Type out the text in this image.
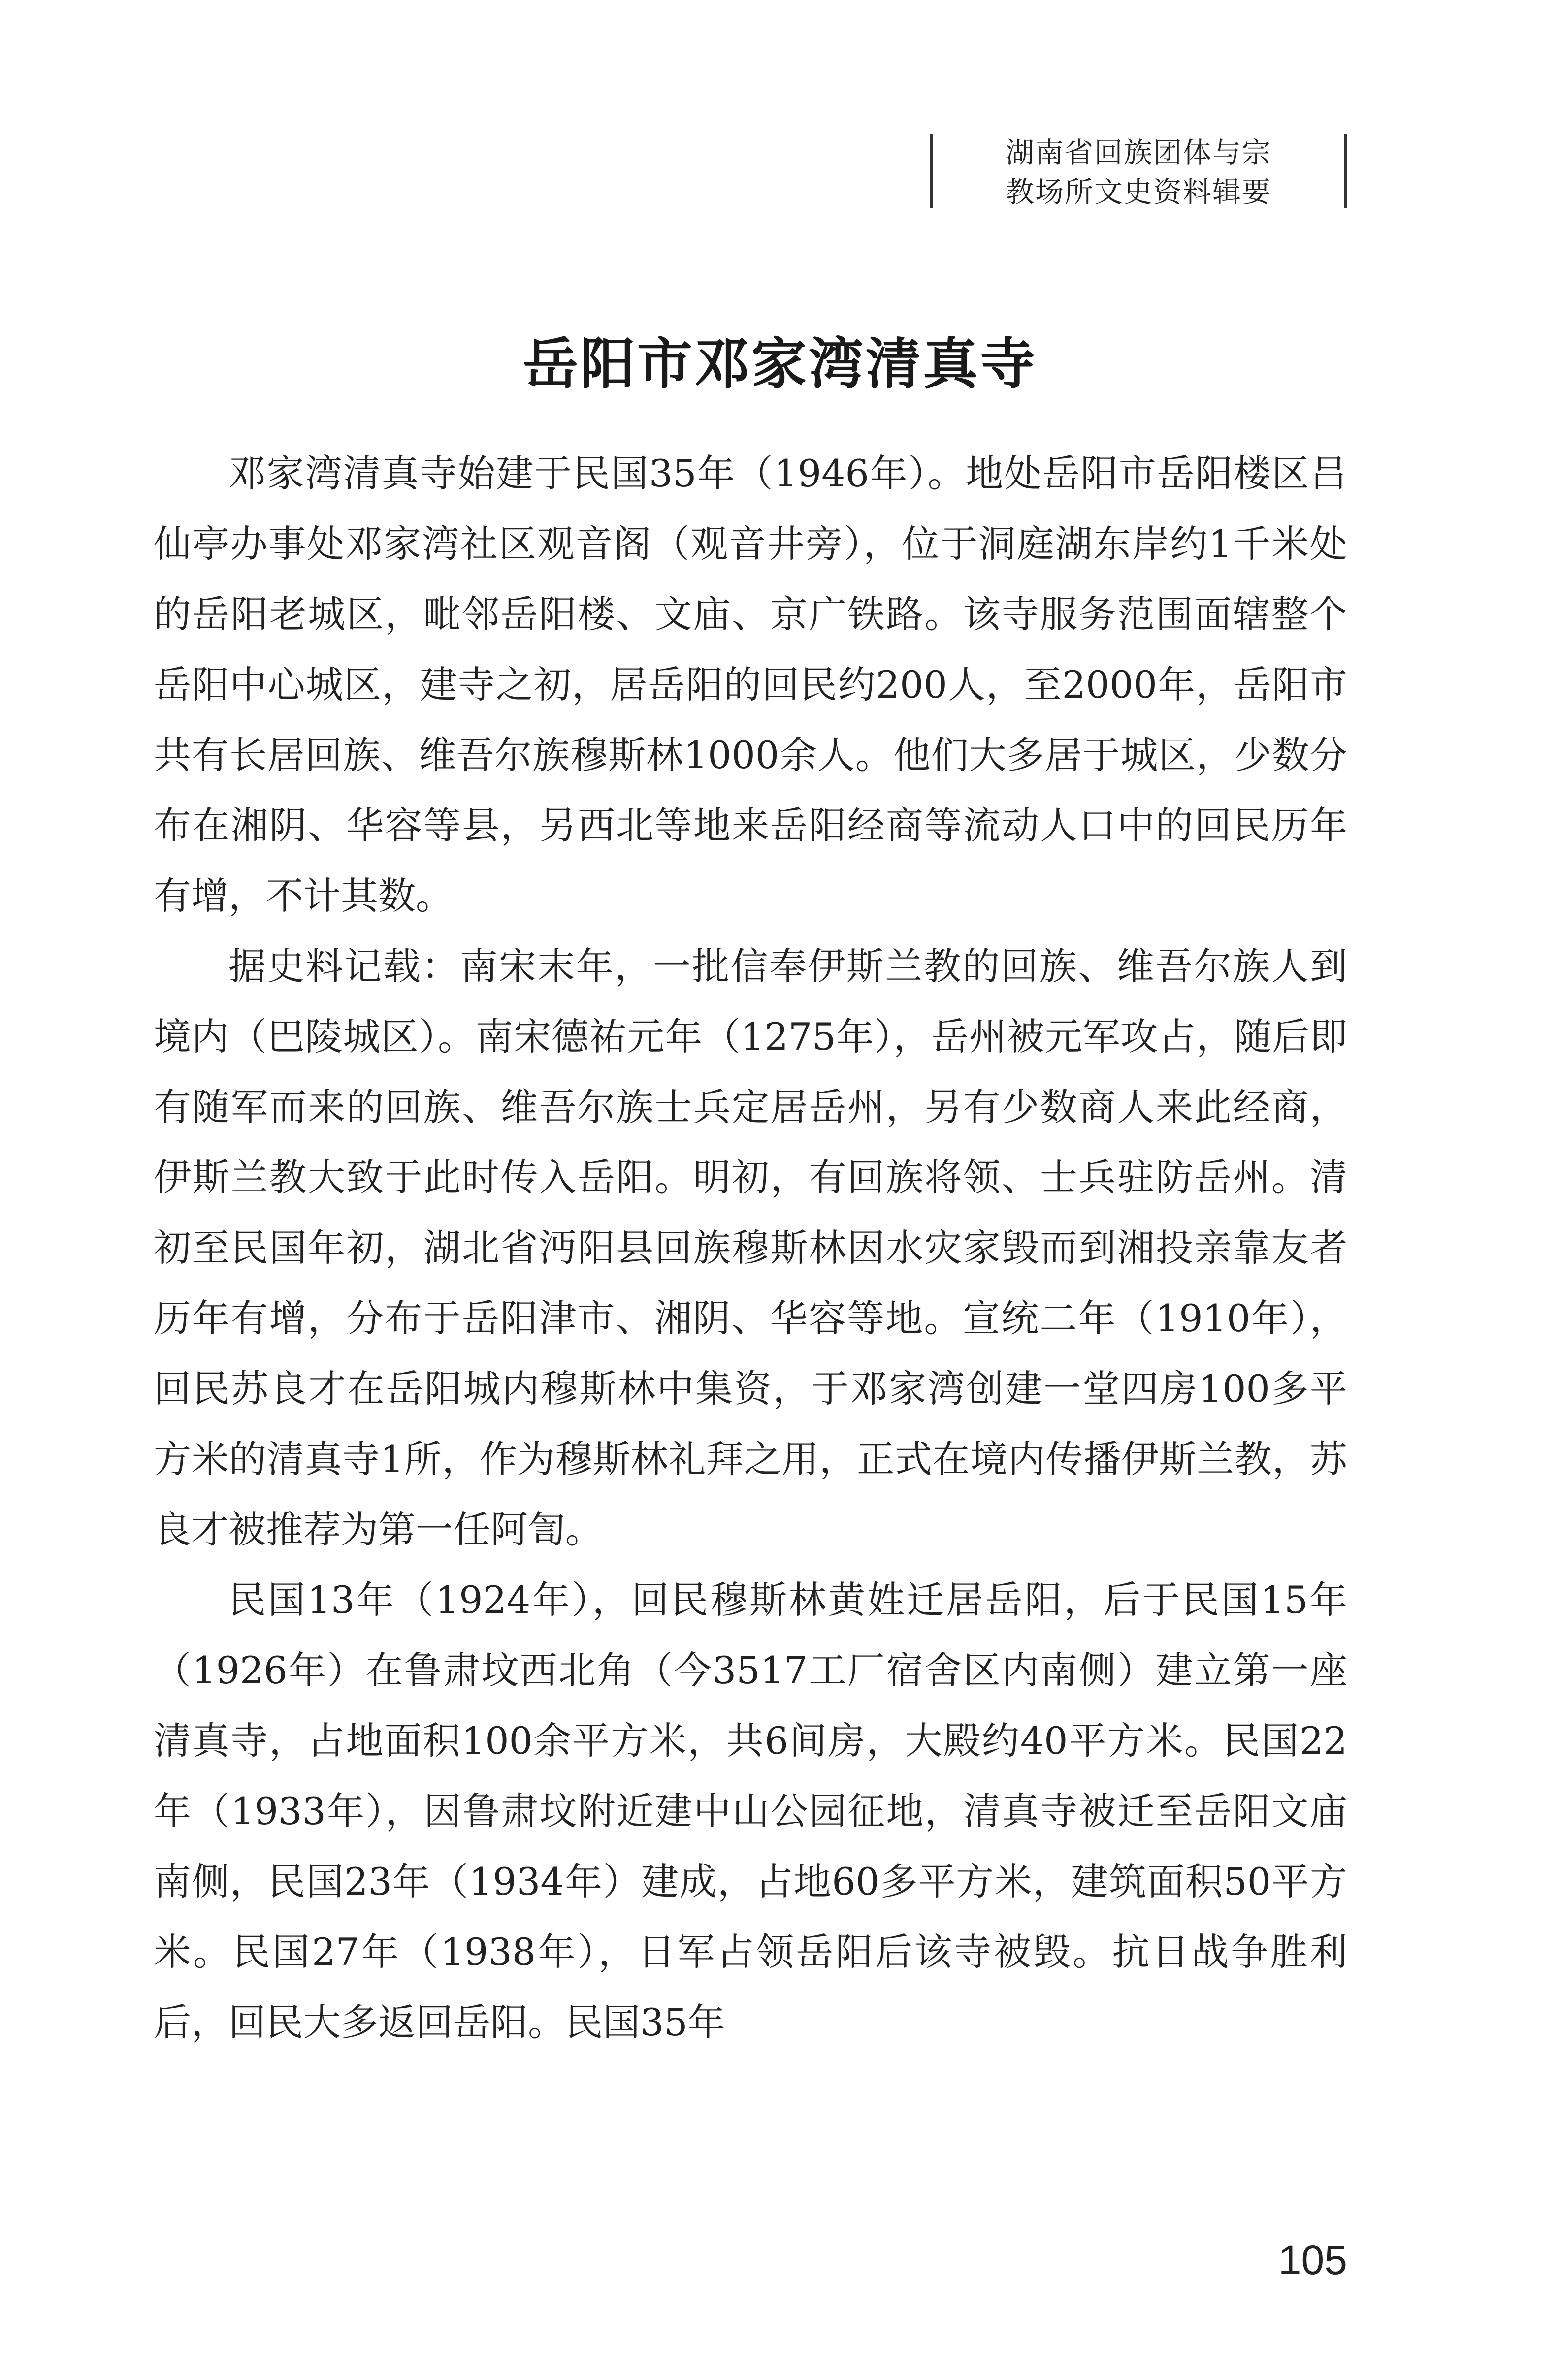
湖南省回族团体与宗
教场所文史资料辑要
岳阳市邓家湾清真寺

邓家湾清真寺始建于民国35年（1946年）。地处岳阳市岳阳楼区吕仙亭办事处邓家湾社区观音阁（观音井旁），位于洞庭湖东岸约1千米处的岳阳老城区，毗邻岳阳楼、文庙、京广铁路。该寺服务范围面辖整个岳阳中心城区，建寺之初，居岳阳的回民约200人，至2000年，岳阳市共有长居回族、维吾尔族穆斯林1000余人。他们大多居于城区，少数分布在湘阴、华容等县，另西北等地来岳阳经商等流动人口中的回民历年有增，不计其数。

据史料记载：南宋末年，一批信奉伊斯兰教的回族、维吾尔族人到境内（巴陵城区）。南宋德祐元年（1275年），岳州被元军攻占，随后即有随军而来的回族、维吾尔族士兵定居岳州，另有少数商人来此经商，伊斯兰教大致于此时传入岳阳。明初，有回族将领、士兵驻防岳州。清初至民国年初，湖北省沔阳县回族穆斯林因水灾家毁而到湘投亲靠友者历年有增，分布于岳阳津市、湘阴、华容等地。宣统二年（1910年），回民苏良才在岳阳城内穆斯林中集资，于邓家湾创建一堂四房100多平方米的清真寺1所，作为穆斯林礼拜之用，正式在境内传播伊斯兰教，苏良才被推荐为第一任阿訇。

民国13年（1924年），回民穆斯林黄姓迁居岳阳，后于民国15年（1926年）在鲁肃坟西北角（今3517工厂宿舍区内南侧）建立第一座清真寺，占地面积100余平方米，共6间房，大殿约40平方米。民国22年（1933年），因鲁肃坟附近建中山公园征地，清真寺被迁至岳阳文庙南侧，民国23年（1934年）建成，占地60多平方米，建筑面积50平方米。民国27年（1938年），日军占领岳阳后该寺被毁。抗日战争胜利后，回民大多返回岳阳。民国35年

105
